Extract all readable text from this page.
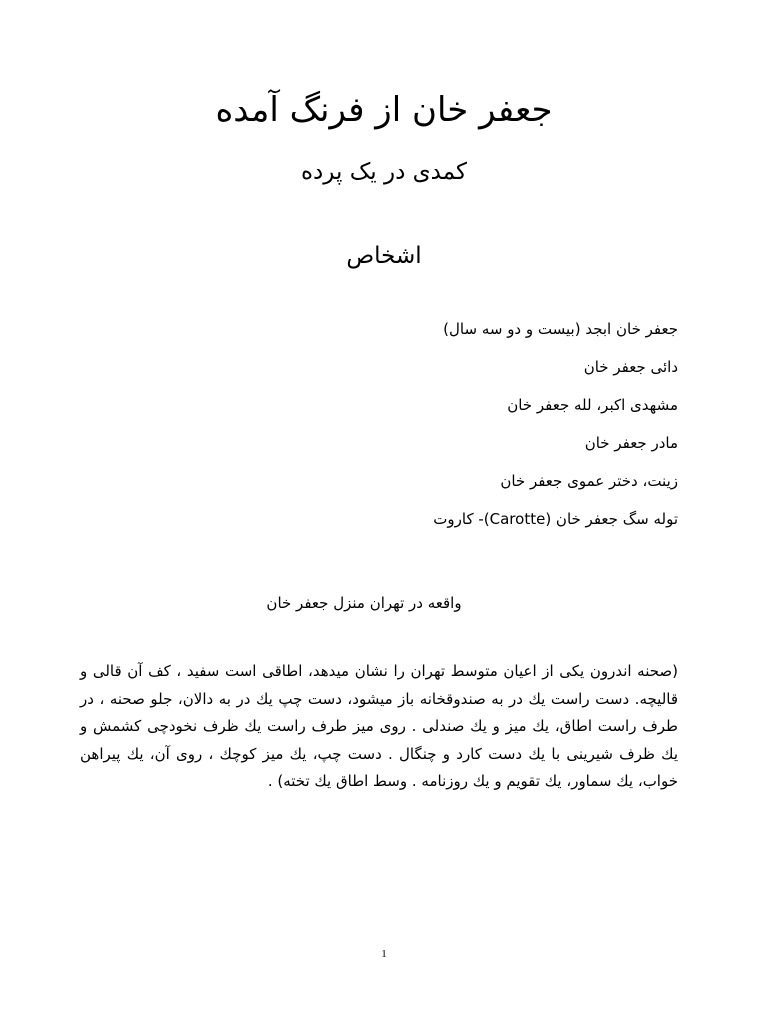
جعفر خان از فرنگ آمده
کمدی در یک پرده
اشخاص
جعفر خان ابجد (بیست و دو سه سال)
دائی جعفر خان
مشهدی اکبر، لله جعفر خان
مادر جعفر خان
زینت، دختر عموی جعفر خان
توله سگ جعفر خان (Carotte)- کاروت
واقعه در تهران منزل جعفر خان

(صحنه اندرون یکی از اعیان متوسط تهران را نشان میدهد، اطاقی است سفید ، کف آن قالی و قالیچه. دست راست یك در به صندوقخانه باز میشود، دست چپ یك در به دالان، جلو صحنه ، در طرف راست اطاق، یك میز و یك صندلی . روی میز طرف راست یك ظرف نخودچی کشمش و یك ظرف شیرینی با یك دست کارد و چنگال . دست چپ، یك میز کوچك ، روی آن، یك پیراهن خواب، یك سماور، یك تقویم و یك روزنامه . وسط اطاق یك تخته) .

1
